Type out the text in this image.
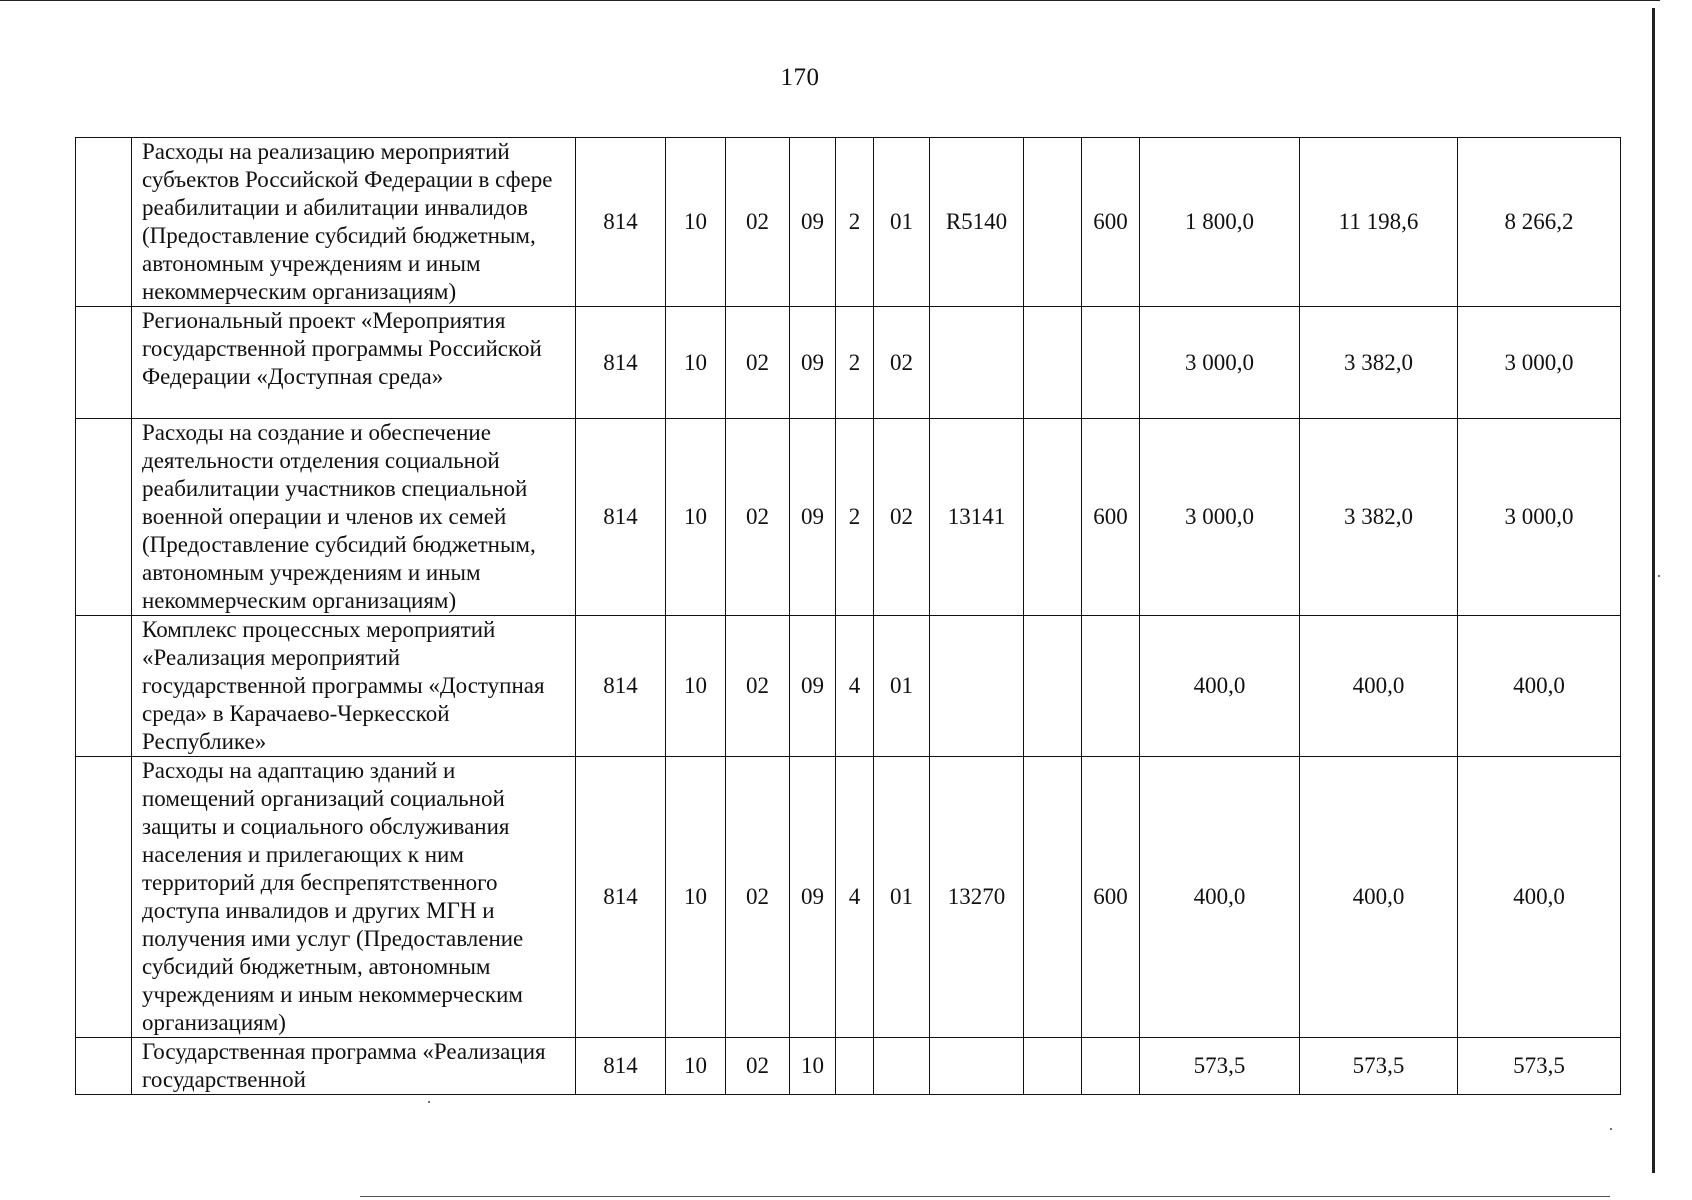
170
	Расходы на реализацию мероприятий субъектов Российской Федерации в сфере реабилитации и абилитации инвалидов (Предоставление субсидий бюджетным, автономным учреждениям и иным некоммерческим организациям)	814	10	02	09	2	01	R5140		600	1 800,0	11 198,6	8 266,2
	Региональный проект «Мероприятия государственной программы Российской Федерации «Доступная среда»	814	10	02	09	2	02				3 000,0	3 382,0	3 000,0
	Расходы на создание и обеспечение деятельности отделения социальной реабилитации участников специальной военной операции и членов их семей (Предоставление субсидий бюджетным, автономным учреждениям и иным некоммерческим организациям)	814	10	02	09	2	02	13141		600	3 000,0	3 382,0	3 000,0
	Комплекс процессных мероприятий «Реализация мероприятий государственной программы «Доступная среда» в Карачаево-Черкесской Республике»	814	10	02	09	4	01				400,0	400,0	400,0
	Расходы на адаптацию зданий и помещений организаций социальной защиты и социального обслуживания населения и прилегающих к ним территорий для беспрепятственного доступа инвалидов и других МГН и получения ими услуг (Предоставление субсидий бюджетным, автономным учреждениям и иным некоммерческим организациям)	814	10	02	09	4	01	13270		600	400,0	400,0	400,0
	Государственная программа «Реализация государственной	814	10	02	10						573,5	573,5	573,5
